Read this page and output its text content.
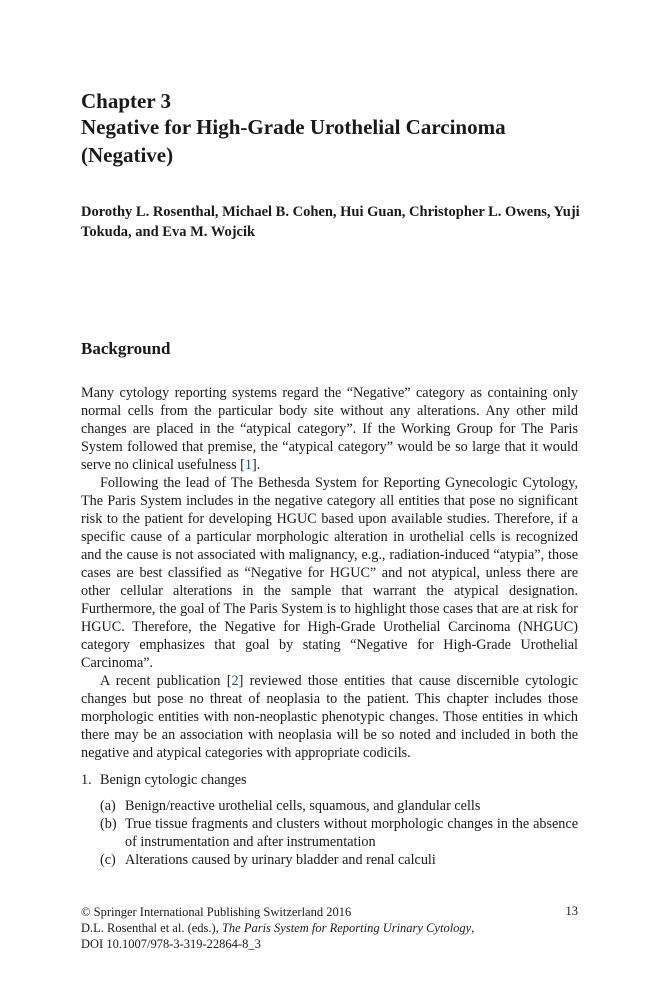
Chapter 3
Negative for High-Grade Urothelial Carcinoma (Negative)
Dorothy L. Rosenthal, Michael B. Cohen, Hui Guan, Christopher L. Owens, Yuji Tokuda, and Eva M. Wojcik
Background

Many cytology reporting systems regard the “Negative” category as containing only normal cells from the particular body site without any alterations. Any other mild changes are placed in the “atypical category”. If the Working Group for The Paris System followed that premise, the “atypical category” would be so large that it would serve no clinical usefulness [1].

Following the lead of The Bethesda System for Reporting Gynecologic Cytology, The Paris System includes in the negative category all entities that pose no significant risk to the patient for developing HGUC based upon available studies. Therefore, if a specific cause of a particular morphologic alteration in urothelial cells is recognized and the cause is not associated with malignancy, e.g., radiation-induced “atypia”, those cases are best classified as “Negative for HGUC” and not atypical, unless there are other cellular alterations in the sample that warrant the atypical designation. Furthermore, the goal of The Paris System is to highlight those cases that are at risk for HGUC. Therefore, the Negative for High-Grade Urothelial Carcinoma (NHGUC) category emphasizes that goal by stating “Negative for High-Grade Urothelial Carcinoma”.

A recent publication [2] reviewed those entities that cause discernible cytologic changes but pose no threat of neoplasia to the patient. This chapter includes those morphologic entities with non-neoplastic phenotypic changes. Those entities in which there may be an association with neoplasia will be so noted and included in both the negative and atypical categories with appropriate codicils.

1. Benign cytologic changes
(a) Benign/reactive urothelial cells, squamous, and glandular cells
(b) True tissue fragments and clusters without morphologic changes in the absence of instrumentation and after instrumentation
(c) Alterations caused by urinary bladder and renal calculi
© Springer International Publishing Switzerland 2016
D.L. Rosenthal et al. (eds.), The Paris System for Reporting Urinary Cytology,
DOI 10.1007/978-3-319-22864-8_3
13
